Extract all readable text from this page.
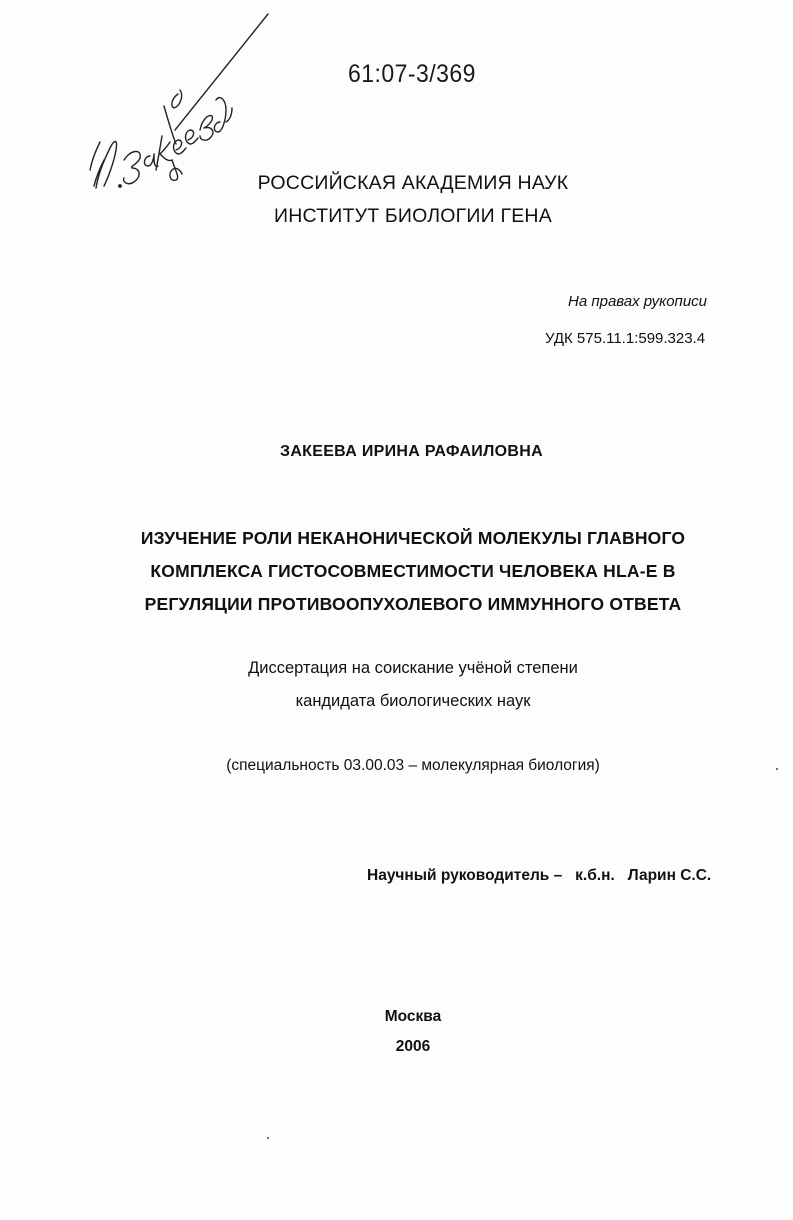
61:07-3/369
РОССИЙСКАЯ АКАДЕМИЯ НАУК
ИНСТИТУТ БИОЛОГИИ ГЕНА
На правах рукописи
УДК 575.11.1:599.323.4
ЗАКЕЕВА ИРИНА РАФАИЛОВНА
ИЗУЧЕНИЕ РОЛИ НЕКАНОНИЧЕСКОЙ МОЛЕКУЛЫ ГЛАВНОГО
КОМПЛЕКСА ГИСТОСОВМЕСТИМОСТИ ЧЕЛОВЕКА HLA-E В
РЕГУЛЯЦИИ ПРОТИВООПУХОЛЕВОГО ИММУННОГО ОТВЕТА
Диссертация на соискание учёной степени
кандидата биологических наук
(специальность 03.00.03 – молекулярная биология)
Научный руководитель –   к.б.н.   Ларин С.С.
Москва
2006
